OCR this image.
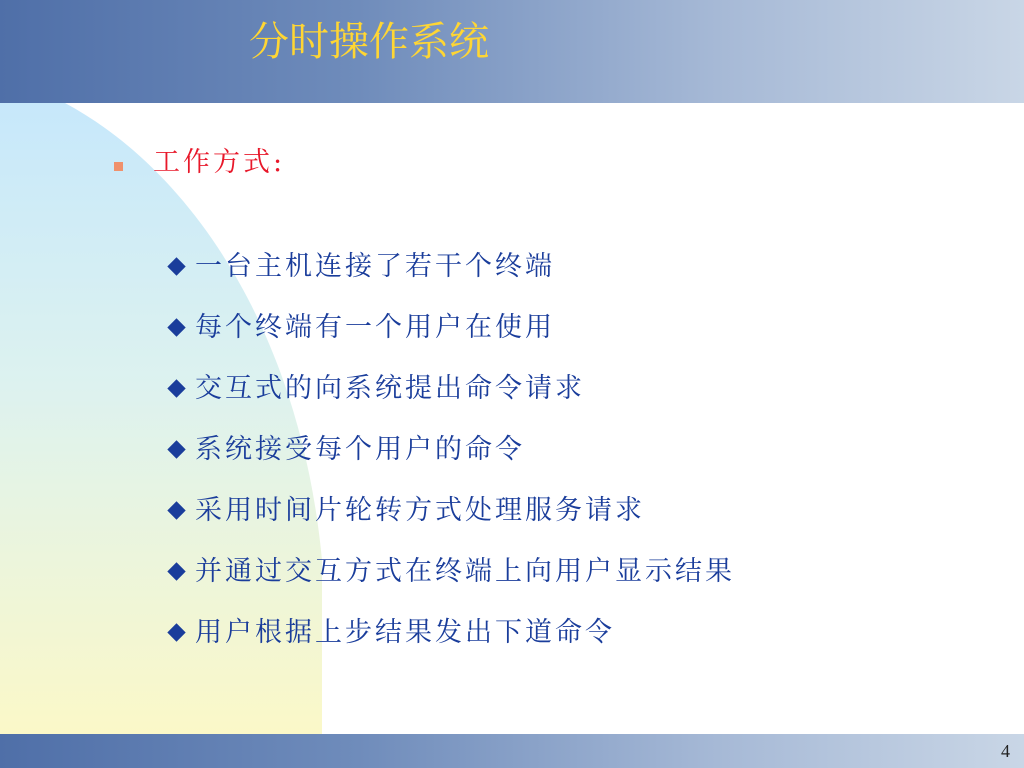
分时操作系统
工作方式:
一台主机连接了若干个终端
每个终端有一个用户在使用
交互式的向系统提出命令请求
系统接受每个用户的命令
采用时间片轮转方式处理服务请求
并通过交互方式在终端上向用户显示结果
用户根据上步结果发出下道命令
4
